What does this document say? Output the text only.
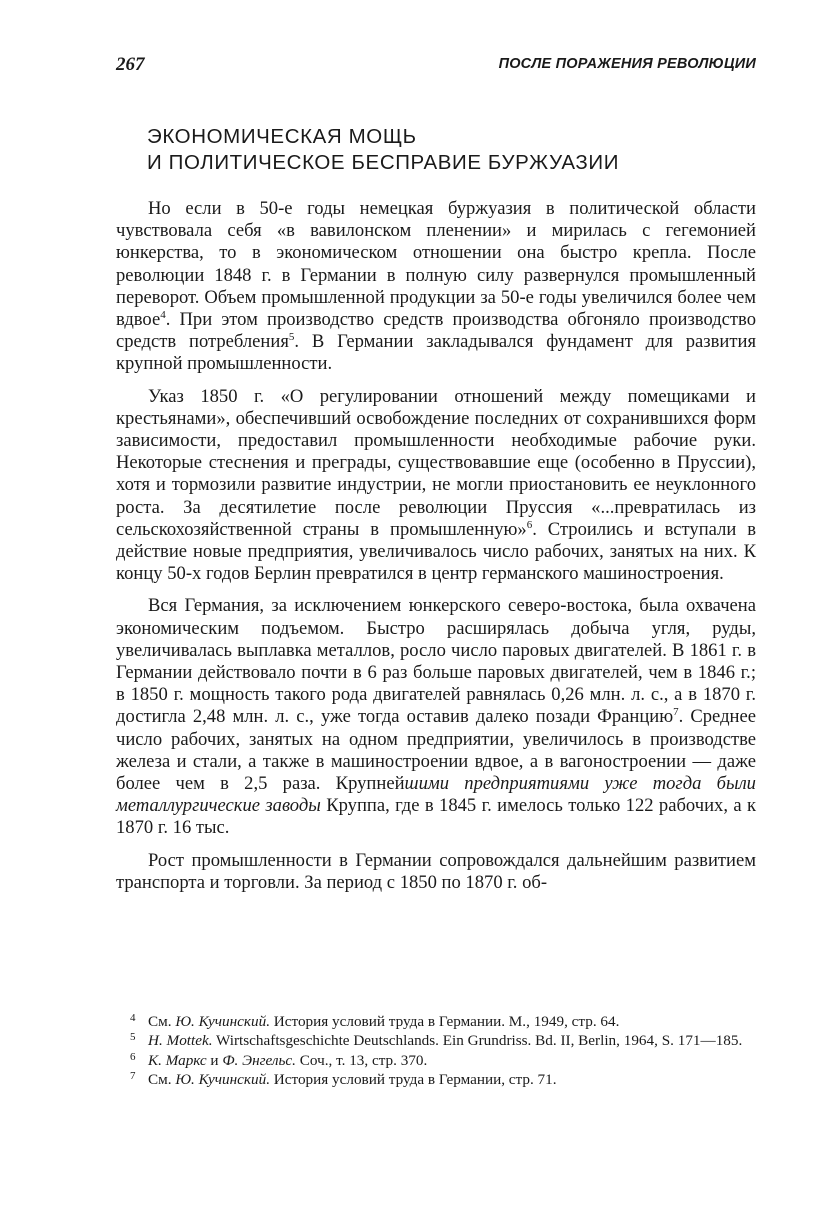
267	ПОСЛЕ ПОРАЖЕНИЯ РЕВОЛЮЦИИ
ЭКОНОМИЧЕСКАЯ МОЩЬ
И ПОЛИТИЧЕСКОЕ БЕСПРАВИЕ БУРЖУАЗИИ

Но если в 50-е годы немецкая буржуазия в политической области чувствовала себя «в вавилонском пленении» и мирилась с гегемонией юнкерства, то в экономическом отношении она быстро крепла. После революции 1848 г. в Германии в полную силу развернулся промышленный переворот. Объем промышленной продукции за 50-е годы увеличился более чем вдвое$^4$. При этом производство средств производства обгоняло производство средств потребления$^5$. В Германии закладывался фундамент для развития крупной промышленности.

Указ 1850 г. «О регулировании отношений между помещиками и крестьянами», обеспечивший освобождение последних от сохранившихся форм зависимости, предоставил промышленности необходимые рабочие руки. Некоторые стеснения и преграды, существовавшие еще (особенно в Пруссии), хотя и тормозили развитие индустрии, не могли приостановить ее неуклонного роста. За десятилетие после революции Пруссия «...превратилась из сельскохозяйственной страны в промышленную»$^6$. Строились и вступали в действие новые предприятия, увеличивалось число рабочих, занятых на них. К концу 50-х годов Берлин превратился в центр германского машиностроения.

Вся Германия, за исключением юнкерского северо-востока, была охвачена экономическим подъемом. Быстро расширялась добыча угля, руды, увеличивалась выплавка металлов, росло число паровых двигателей. В 1861 г. в Германии действовало почти в 6 раз больше паровых двигателей, чем в 1846 г.; в 1850 г. мощность такого рода двигателей равнялась 0,26 млн. л. с., а в 1870 г. достигла 2,48 млн. л. с., уже тогда оставив далеко позади Францию$^7$. Среднее число рабочих, занятых на одном предприятии, увеличилось в производстве железа и стали, а также в машиностроении вдвое, а в вагоностроении — даже более чем в 2,5 раза. Крупнейшими предприятиями уже тогда были металлургические заводы Круппа, где в 1845 г. имелось только 122 рабочих, а к 1870 г. 16 тыс.

Рост промышленности в Германии сопровождался дальнейшим развитием транспорта и торговли. За период с 1850 по 1870 г. об-

4 См. Ю. Кучинский. История условий труда в Германии. М., 1949, стр. 64.
5 H. Mottek. Wirtschaftsgeschichte Deutschlands. Ein Grundriss. Bd. II, Berlin, 1964, S. 171—185.
6 К. Маркс и Ф. Энгельс. Соч., т. 13, стр. 370.
7 См. Ю. Кучинский. История условий труда в Германии, стр. 71.
